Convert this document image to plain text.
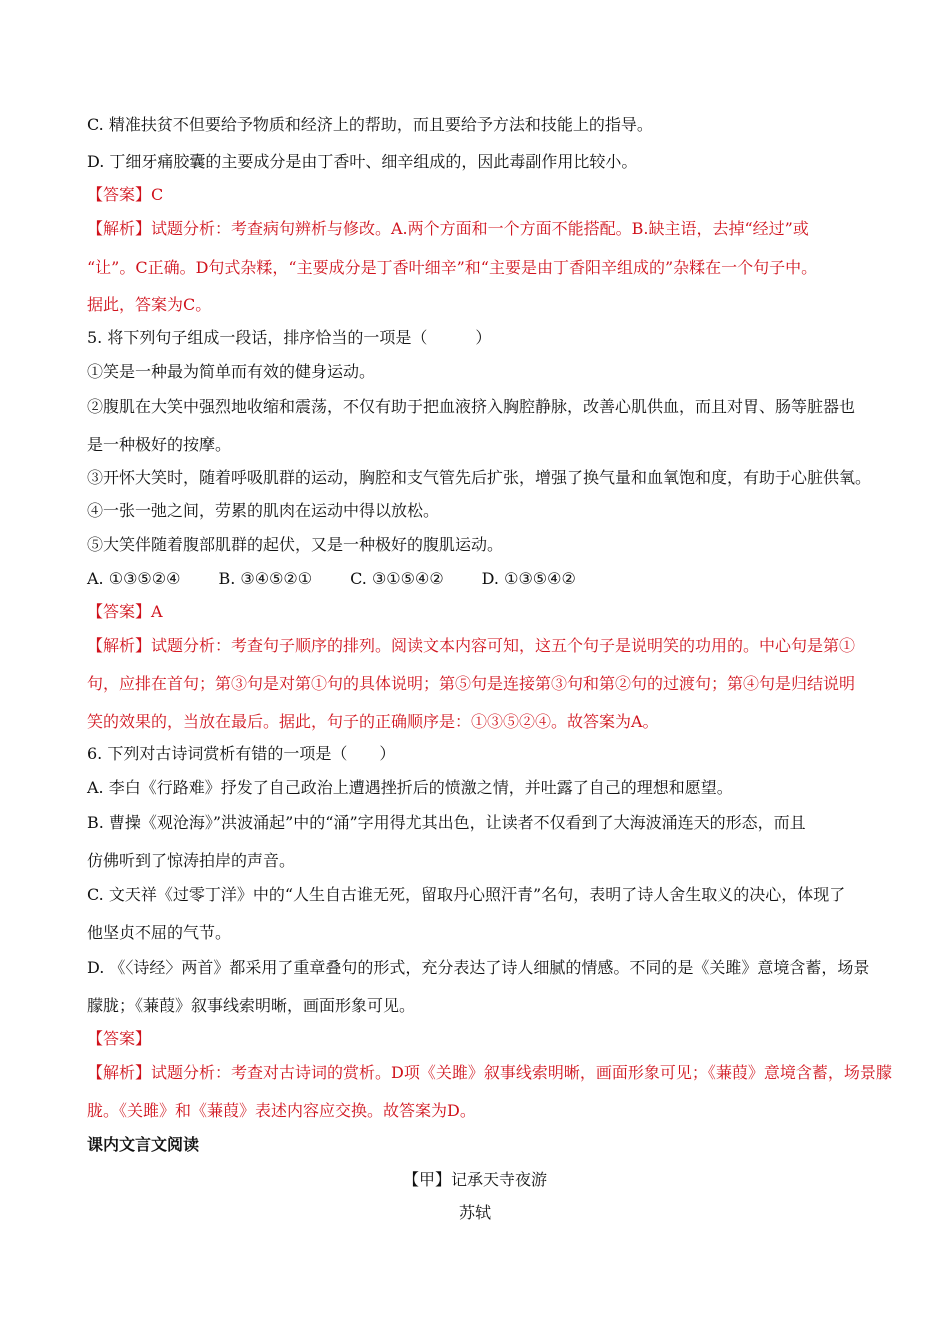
C. 精准扶贫不但要给予物质和经济上的帮助，而且要给予方法和技能上的指导。
D. 丁细牙痛胶囊的主要成分是由丁香叶、细辛组成的，因此毒副作用比较小。
【答案】C
【解析】试题分析：考查病句辨析与修改。A.两个方面和一个方面不能搭配。B.缺主语，去掉“经过”或
“让”。C正确。D句式杂糅，“主要成分是丁香叶细辛”和“主要是由丁香阳辛组成的”杂糅在一个句子中。
据此，答案为C。
5. 将下列句子组成一段话，排序恰当的一项是（　　　）
①笑是一种最为简单而有效的健身运动。
②腹肌在大笑中强烈地收缩和震荡，不仅有助于把血液挤入胸腔静脉，改善心肌供血，而且对胃、肠等脏器也
是一种极好的按摩。
③开怀大笑时，随着呼吸肌群的运动，胸腔和支气管先后扩张，增强了换气量和血氧饱和度，有助于心脏供氧。
④一张一弛之间，劳累的肌肉在运动中得以放松。
⑤大笑伴随着腹部肌群的起伏，又是一种极好的腹肌运动。
A. ①③⑤②④ B. ③④⑤②① C. ③①⑤④② D. ①③⑤④②
【答案】A
【解析】试题分析：考查句子顺序的排列。阅读文本内容可知，这五个句子是说明笑的功用的。中心句是第①
句，应排在首句；第③句是对第①句的具体说明；第⑤句是连接第③句和第②句的过渡句；第④句是归结说明
笑的效果的，当放在最后。据此，句子的正确顺序是：①③⑤②④。故答案为A。
6. 下列对古诗词赏析有错的一项是（　　）
A. 李白《行路难》抒发了自己政治上遭遇挫折后的愤激之情，并吐露了自己的理想和愿望。
B. 曹操《观沧海》”洪波涌起”中的“涌”字用得尤其出色，让读者不仅看到了大海波涌连天的形态，而且
仿佛听到了惊涛拍岸的声音。
C. 文天祥《过零丁洋》中的“人生自古谁无死，留取丹心照汗青”名句，表明了诗人舍生取义的决心，体现了
他坚贞不屈的气节。
D. 《〈诗经〉两首》都采用了重章叠句的形式，充分表达了诗人细腻的情感。不同的是《关雎》意境含蓄，场景
朦胧；《蒹葭》叙事线索明晰，画面形象可见。
【答案】
【解析】试题分析：考查对古诗词的赏析。D项《关雎》叙事线索明晰，画面形象可见；《蒹葭》意境含蓄，场景朦
胧。《关雎》和《蒹葭》表述内容应交换。故答案为D。
课内文言文阅读
【甲】记承天寺夜游
苏轼
